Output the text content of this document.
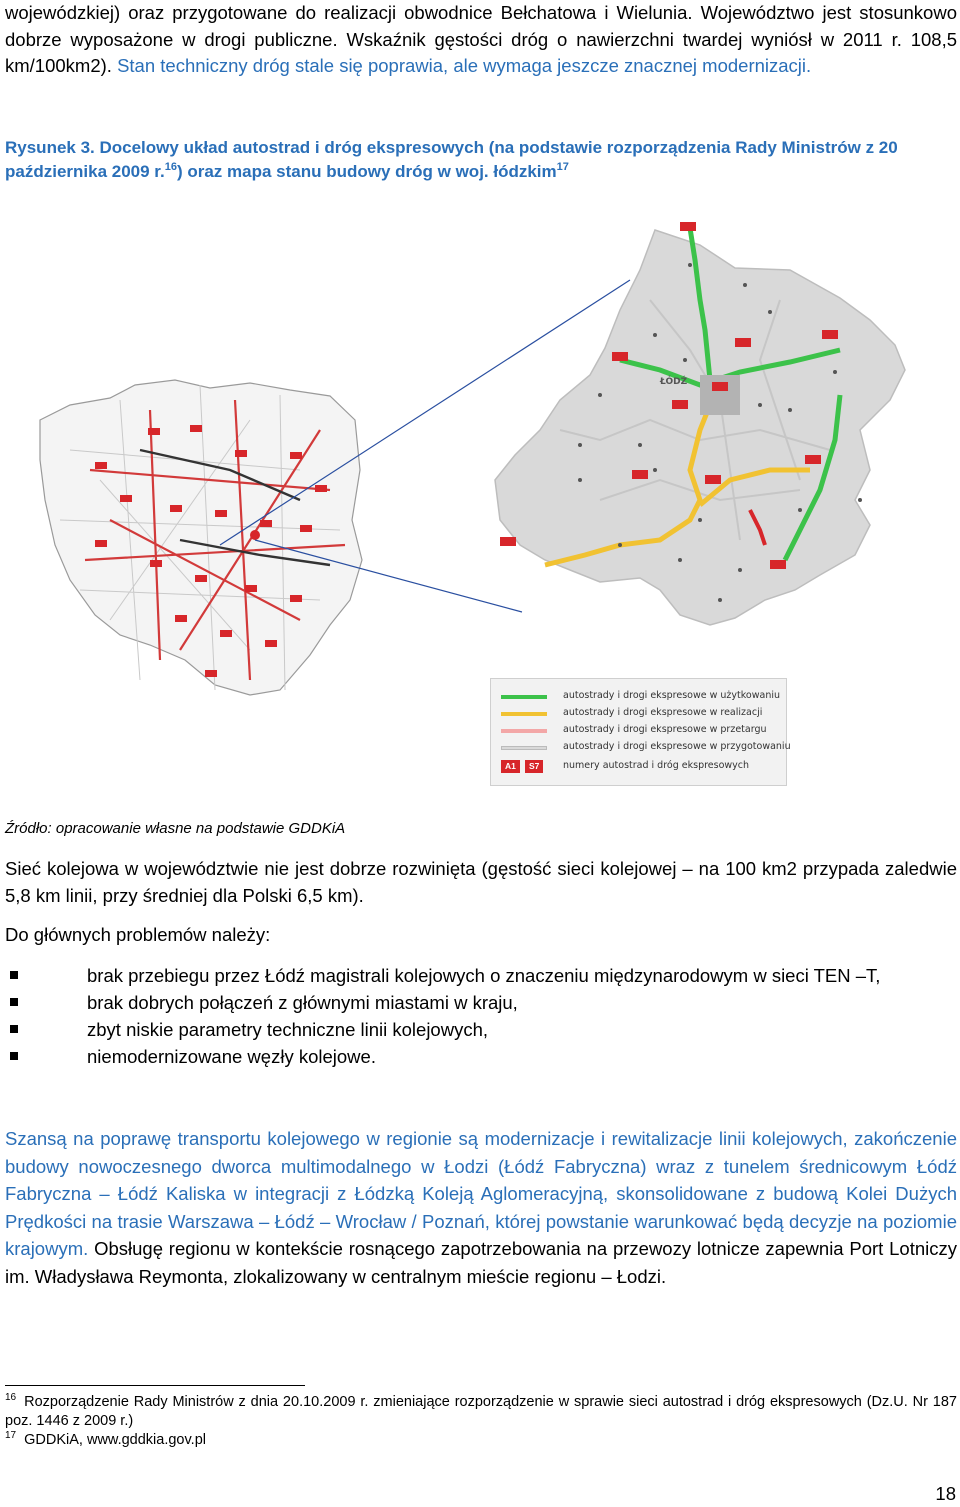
wojewódzkiej) oraz przygotowane do realizacji obwodnice Bełchatowa i Wielunia. Województwo jest stosunkowo dobrze wyposażone w drogi publiczne. Wskaźnik gęstości dróg o nawierzchni twardej wyniósł w 2011 r. 108,5 km/100km2). Stan techniczny dróg stale się poprawia, ale wymaga jeszcze znacznej modernizacji.

Rysunek 3. Docelowy układ autostrad i dróg ekspresowych (na podstawie rozporządzenia Rady Ministrów z 20 października 2009 r.$^{16}$) oraz mapa stanu budowy dróg w woj. łódzkim$^{17}$

ŁÓDŹ
autostrady i drogi ekspresowe w użytkowaniu
autostrady i drogi ekspresowe w realizacji
autostrady i drogi ekspresowe w przetargu
autostrady i drogi ekspresowe w przygotowaniu
A1	S7	numery autostrad i dróg ekspresowych

Źródło: opracowanie własne na podstawie GDDKiA

Sieć kolejowa w województwie nie jest dobrze rozwinięta (gęstość sieci kolejowej – na 100 km2 przypada zaledwie 5,8 km linii, przy średniej dla Polski 6,5 km).

Do głównych problemów należy:

brak przebiegu przez Łódź magistrali kolejowych o znaczeniu międzynarodowym w sieci TEN –T,
brak dobrych połączeń z głównymi miastami w kraju,
zbyt niskie parametry techniczne linii kolejowych,
niemodernizowane węzły kolejowe.

Szansą na poprawę transportu kolejowego w regionie są modernizacje i rewitalizacje linii kolejowych, zakończenie budowy nowoczesnego dworca multimodalnego w Łodzi (Łódź Fabryczna) wraz z tunelem średnicowym Łódź Fabryczna – Łódź Kaliska w integracji z Łódzką Koleją Aglomeracyjną, skonsolidowane z budową Kolei Dużych Prędkości na trasie Warszawa – Łódź – Wrocław / Poznań, której powstanie warunkować będą decyzje na poziomie krajowym. Obsługę regionu w kontekście rosnącego zapotrzebowania na przewozy lotnicze zapewnia Port Lotniczy im. Władysława Reymonta, zlokalizowany w centralnym mieście regionu – Łodzi.

$^{16}$ Rozporządzenie Rady Ministrów z dnia 20.10.2009 r. zmieniające rozporządzenie w sprawie sieci autostrad i dróg ekspresowych (Dz.U. Nr 187 poz. 1446 z 2009 r.)

$^{17}$ GDDKiA, www.gddkia.gov.pl

18
